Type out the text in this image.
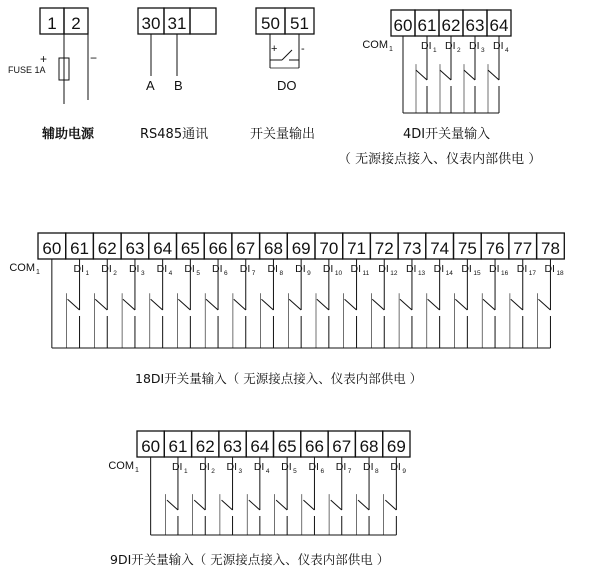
辅助电源
FUSE 1A
+	−
A B
RS485通讯
+ -
DO
开关量输出	4DI开关量输入
（ 无源接点接入、仪表内部供电 ）
18DI开关量输入（ 无源接点接入、仪表内部供电 ）
9DI开关量输入（ 无源接点接入、仪表内部供电 ）
1 2	30 31	50 51	60 61 62 63 64
COM 1	DI 1 DI 2 DI 3 DI 4
60 61 62 63 64 65 66 67 68 69 70 71 72 73 74 75 76 77 78
COM 1	DI 1 DI 2 DI 3 DI 4 DI 5 DI 6 DI 7 DI 8 DI 9 DI 10 DI 11 DI 12 DI 13 DI 14 DI 15 DI 16 DI 17 DI 18
60 61 62 63 64 65 66 67 68 69
COM 1	DI 1 DI 2 DI 3 DI 4 DI 5 DI 6 DI 7 DI 8 DI 9
